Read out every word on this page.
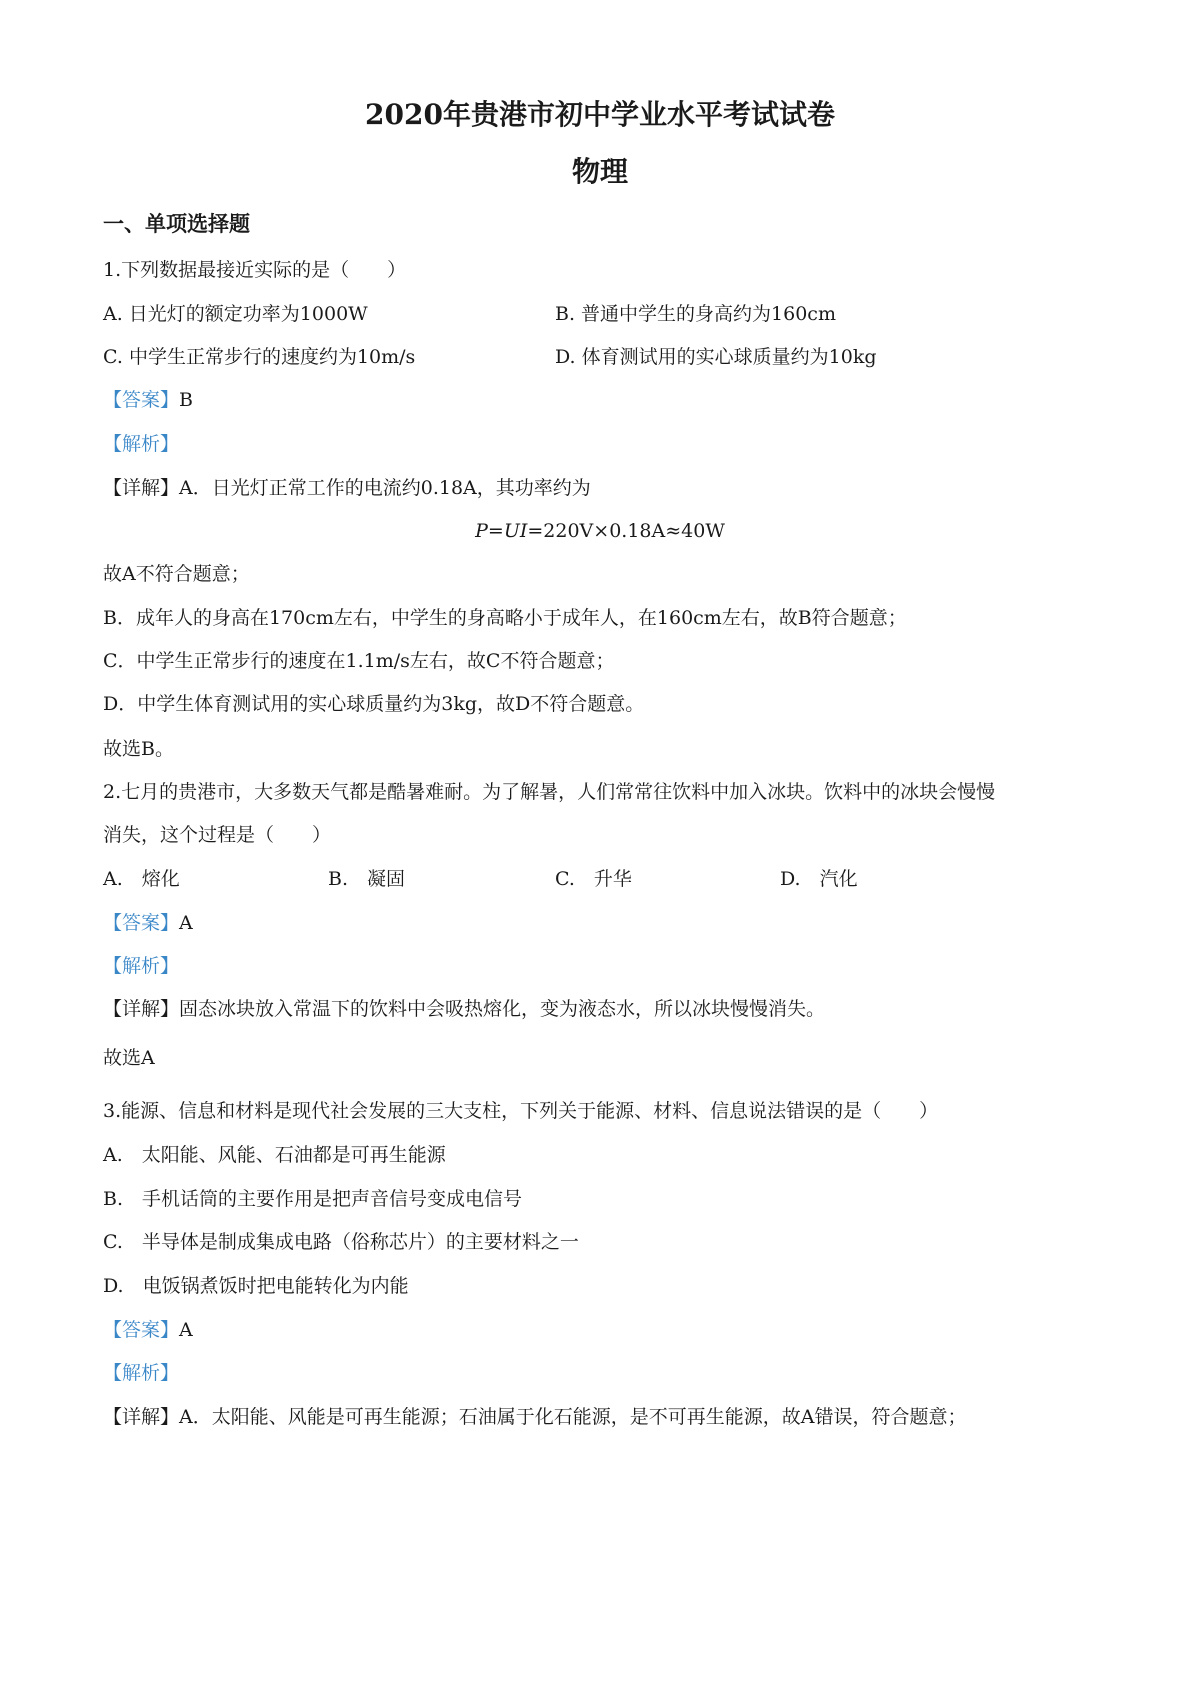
2020年贵港市初中学业水平考试试卷
物理
一、单项选择题
1.下列数据最接近实际的是（　　）
A. 日光灯的额定功率为1000W	B. 普通中学生的身高约为160cm
C. 中学生正常步行的速度约为10m/s	D. 体育测试用的实心球质量约为10kg
【答案】B
【解析】
【详解】A．日光灯正常工作的电流约0.18A，其功率约为
P=UI=220V×0.18A≈40W
故A不符合题意；
B．成年人的身高在170cm左右，中学生的身高略小于成年人，在160cm左右，故B符合题意；
C．中学生正常步行的速度在1.1m/s左右，故C不符合题意；
D．中学生体育测试用的实心球质量约为3kg，故D不符合题意。
故选B。
2.七月的贵港市，大多数天气都是酷暑难耐。为了解暑，人们常常往饮料中加入冰块。饮料中的冰块会慢慢
消失，这个过程是（　　）
A.　熔化	B.　凝固	C.　升华	D.　汽化
【答案】A
【解析】
【详解】固态冰块放入常温下的饮料中会吸热熔化，变为液态水，所以冰块慢慢消失。
故选A
3.能源、信息和材料是现代社会发展的三大支柱，下列关于能源、材料、信息说法错误的是（　　）
A.　太阳能、风能、石油都是可再生能源
B.　手机话筒的主要作用是把声音信号变成电信号
C.　半导体是制成集成电路（俗称芯片）的主要材料之一
D.　电饭锅煮饭时把电能转化为内能
【答案】A
【解析】
【详解】A．太阳能、风能是可再生能源；石油属于化石能源，是不可再生能源，故A错误，符合题意；
